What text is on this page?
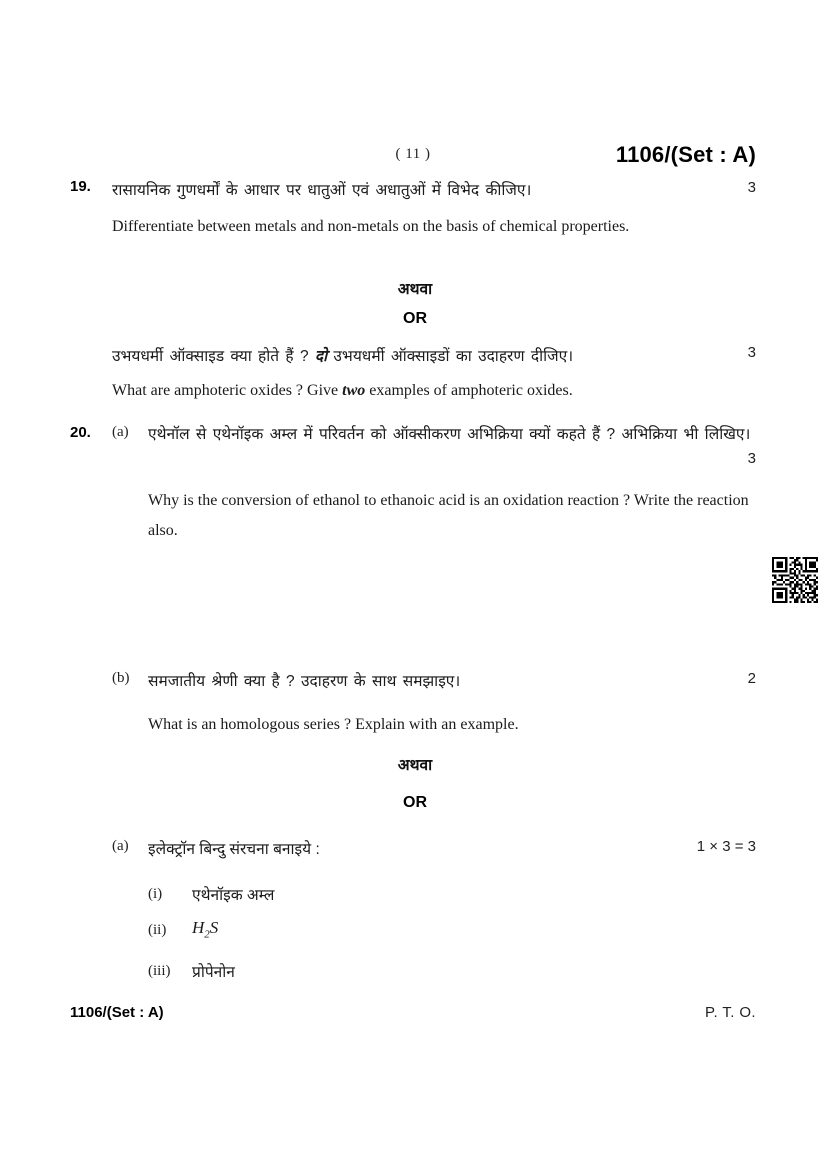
( 11 )	1106/(Set : A)
19. रासायनिक गुणधर्मों के आधार पर धातुओं एवं अधातुओं में विभेद कीजिए।	3
Differentiate between metals and non-metals on the basis of chemical properties.
अथवा
OR
उभयधर्मी ऑक्साइड क्या होते हैं ? दो उभयधर्मी ऑक्साइडों का उदाहरण दीजिए।	3
What are amphoteric oxides ? Give two examples of amphoteric oxides.
20. (a) एथेनॉल से एथेनॉइक अम्ल में परिवर्तन को ऑक्सीकरण अभिक्रिया क्यों कहते हैं ? अभिक्रिया भी लिखिए।
3
Why is the conversion of ethanol to ethanoic acid is an oxidation reaction ? Write the reaction also.
(b) समजातीय श्रेणी क्या है ? उदाहरण के साथ समझाइए।	2
What is an homologous series ? Explain with an example.
अथवा
OR
(a) इलेक्ट्रॉन बिन्दु संरचना बनाइये :	1 × 3 = 3
(i) एथेनॉइक अम्ल
(ii) $H_2S$
(iii) प्रोपेनोन
1106/(Set : A)	P. T. O.
